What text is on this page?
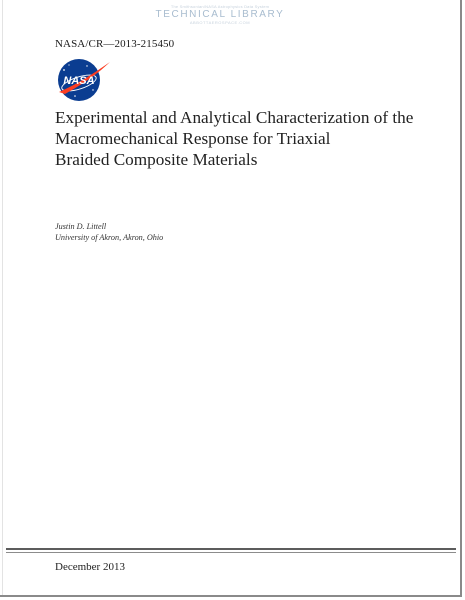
The Smithsonian/NASA Astrophysics Data System
TECHNICAL LIBRARY
ABBOTTAEROSPACE.COM
NASA/CR—2013-215450
NASA
Experimental and Analytical Characterization of the
Macromechanical Response for Triaxial
Braided Composite Materials
Justin D. Littell
University of Akron, Akron, Ohio
December 2013
